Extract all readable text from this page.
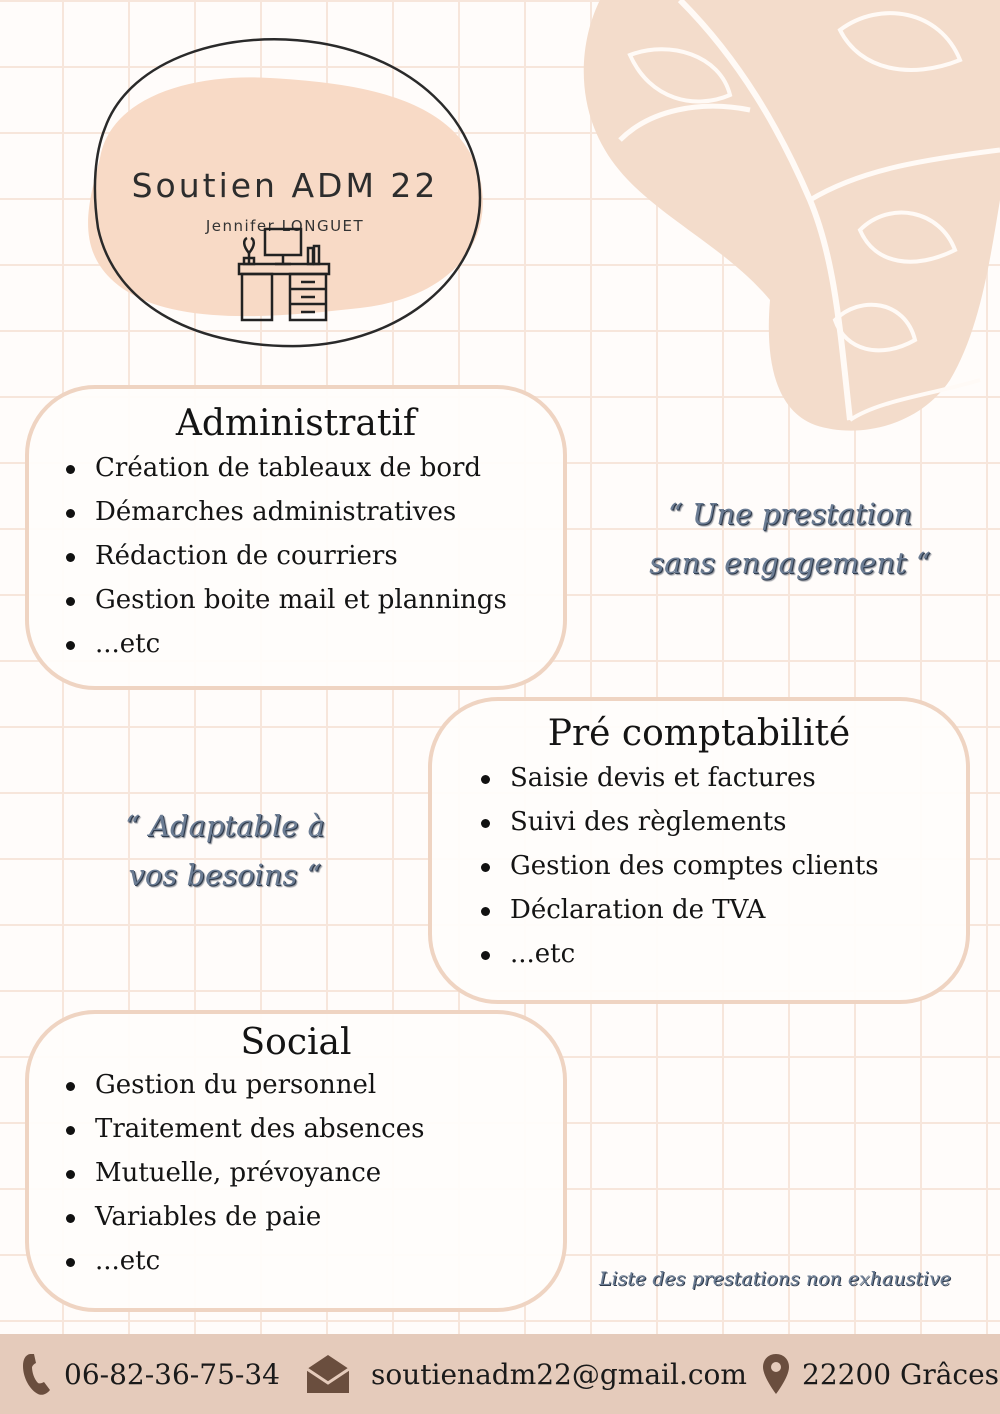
Soutien ADM 22
Jennifer LONGUET
Administratif
Création de tableaux de bord
Démarches administratives
Rédaction de courriers
Gestion boite mail et plannings
...etc
“ Une prestation
sans engagement “
Pré comptabilité
Saisie devis et factures
Suivi des règlements
Gestion des comptes clients
Déclaration de TVA
...etc
“ Adaptable à
vos besoins “
Social
Gestion du personnel
Traitement des absences
Mutuelle, prévoyance
Variables de paie
...etc
Liste des prestations non exhaustive
06-82-36-75-34	soutienadm22@gmail.com 22200 Grâces
